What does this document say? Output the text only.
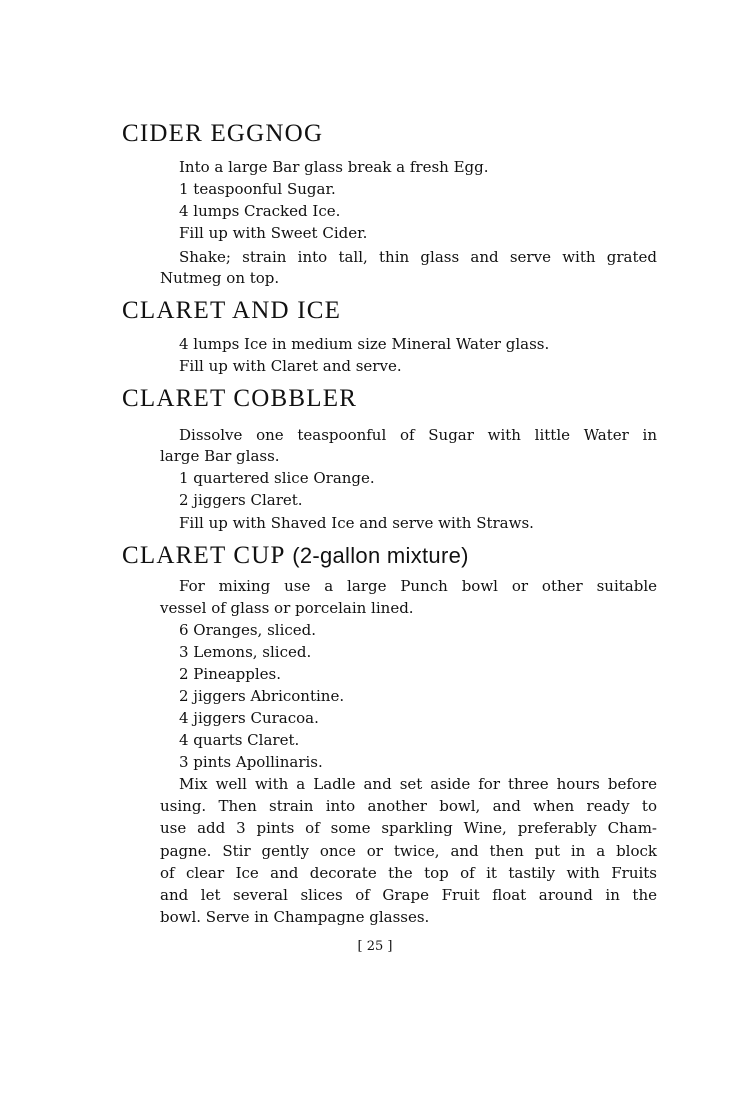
CIDER EGGNOG

Into a large Bar glass break a fresh Egg.

1 teaspoonful Sugar.

4 lumps Cracked Ice.

Fill up with Sweet Cider.

Shake; strain into tall, thin glass and serve with grated

Nutmeg on top.

CLARET AND ICE

4 lumps Ice in medium size Mineral Water glass.

Fill up with Claret and serve.

CLARET COBBLER

Dissolve one teaspoonful of Sugar with little Water in

large Bar glass.

1 quartered slice Orange.

2 jiggers Claret.

Fill up with Shaved Ice and serve with Straws.

CLARET CUP (2-gallon mixture)

For mixing use a large Punch bowl or other suitable

vessel of glass or porcelain lined.

6 Oranges, sliced.

3 Lemons, sliced.

2 Pineapples.

2 jiggers Abricontine.

4 jiggers Curacoa.

4 quarts Claret.

3 pints Apollinaris.

Mix well with a Ladle and set aside for three hours before

using. Then strain into another bowl, and when ready to

use add 3 pints of some sparkling Wine, preferably Cham-

pagne. Stir gently once or twice, and then put in a block

of clear Ice and decorate the top of it tastily with Fruits

and let several slices of Grape Fruit float around in the

bowl. Serve in Champagne glasses.

[ 25 ]
